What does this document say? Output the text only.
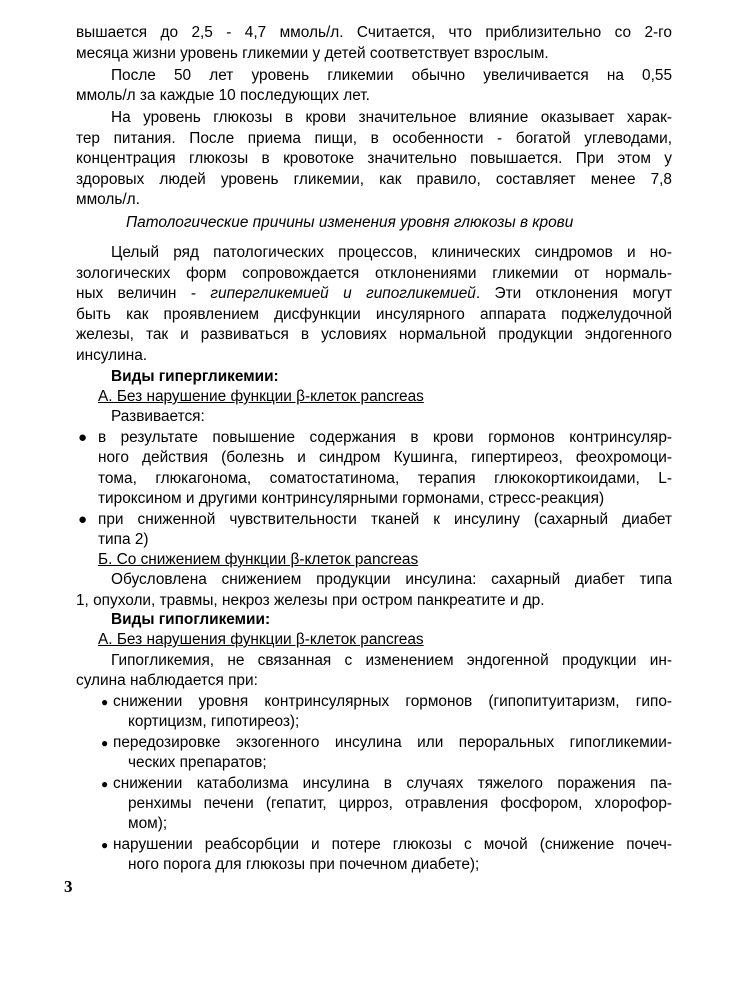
вышается до 2,5 - 4,7 ммоль/л. Считается, что приблизительно со 2-го
месяца жизни уровень гликемии у детей соответствует взрослым.
После 50 лет уровень гликемии обычно увеличивается на 0,55
ммоль/л за каждые 10 последующих лет.
На уровень глюкозы в крови значительное влияние оказывает харак-
тер питания. После приема пищи, в особенности - богатой углеводами,
концентрация глюкозы в кровотоке значительно повышается. При этом у
здоровых людей уровень гликемии, как правило, составляет менее 7,8
ммоль/л.
Патологические причины изменения уровня глюкозы в крови
Целый ряд патологических процессов, клинических синдромов и но-
зологических форм сопровождается отклонениями гликемии от нормаль-
ных величин - гипергликемией и гипогликемией. Эти отклонения могут
быть как проявлением дисфункции инсулярного аппарата поджелудочной
железы, так и развиваться в условиях нормальной продукции эндогенного
инсулина.
Виды гипергликемии:
А. Без нарушение функции β-клеток pancreas
Развивается:
● в результате повышение содержания в крови гормонов контринсуляр-
ного действия (болезнь и синдром Кушинга, гипертиреоз, феохромоци-
тома, глюкагонома, соматостатинома, терапия глюкокортикоидами, L-
тироксином и другими контринсулярными гормонами, стресс-реакция)
● при сниженной чувствительности тканей к инсулину (сахарный диабет
типа 2)
Б. Со снижением функции β-клеток pancreas
Обусловлена снижением продукции инсулина: сахарный диабет типа
1, опухоли, травмы, некроз железы при остром панкреатите и др.
Виды гипогликемии:
А. Без нарушения функции β-клеток pancreas
Гипогликемия, не связанная с изменением эндогенной продукции ин-
сулина наблюдается при:
● снижении уровня контринсулярных гормонов (гипопитуитаризм, гипо-
кортицизм, гипотиреоз);
● передозировке экзогенного инсулина или пероральных гипогликемии-
ческих препаратов;
● снижении катаболизма инсулина в случаях тяжелого поражения па-
ренхимы печени (гепатит, цирроз, отравления фосфором, хлорофор-
мом);
● нарушении реабсорбции и потере глюкозы с мочой (снижение почеч-
ного порога для глюкозы при почечном диабете);
3
